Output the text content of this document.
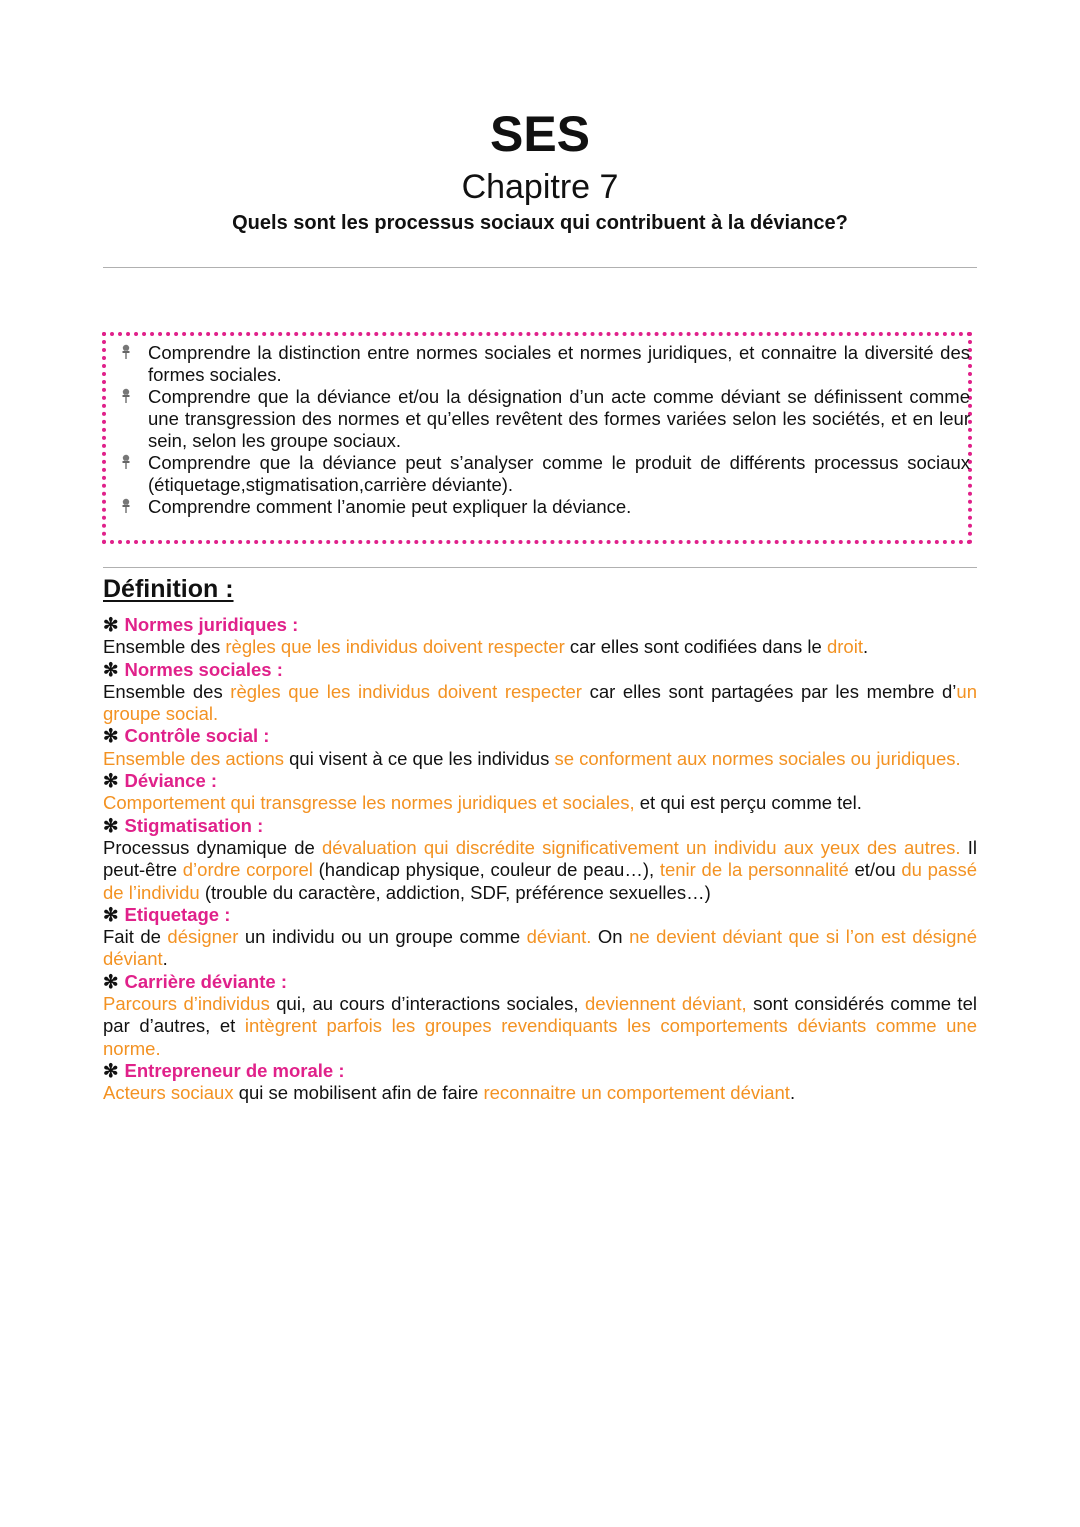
SES
Chapitre 7
Quels sont les processus sociaux qui contribuent à la déviance?
Comprendre la distinction entre normes sociales et normes juridiques, et connaitre la diversité des formes sociales.
Comprendre que la déviance et/ou la désignation d’un acte comme déviant se définissent comme une transgression des normes et qu’elles revêtent des formes variées selon les sociétés, et en leur sein, selon les groupe sociaux.
Comprendre que la déviance peut s’analyser comme le produit de différents processus sociaux (étiquetage,stigmatisation,carrière déviante).
Comprendre comment l’anomie peut expliquer la déviance.
Définition :
✻ Normes juridiques :
Ensemble des règles que les individus doivent respecter car elles sont codifiées dans le droit.
✻ Normes sociales :
Ensemble des règles que les individus doivent respecter car elles sont partagées par les membre d’un groupe social.
✻ Contrôle social :
Ensemble des actions qui visent à ce que les individus se conforment aux normes sociales ou juridiques.
✻ Déviance :
Comportement qui transgresse les normes juridiques et sociales, et qui est perçu comme tel.
✻ Stigmatisation :
Processus dynamique de dévaluation qui discrédite significativement un individu aux yeux des autres. Il peut-être d’ordre corporel (handicap physique, couleur de peau…), tenir de la personnalité et/ou du passé de l’individu (trouble du caractère, addiction, SDF, préférence sexuelles…)
✻ Etiquetage :
Fait de désigner un individu ou un groupe comme déviant. On ne devient déviant que si l’on est désigné déviant.
✻ Carrière déviante :
Parcours d’individus qui, au cours d’interactions sociales, deviennent déviant, sont considérés comme tel par d’autres, et intègrent parfois les groupes revendiquants les comportements déviants comme une norme.
✻ Entrepreneur de morale :
Acteurs sociaux qui se mobilisent afin de faire reconnaitre un comportement déviant.
